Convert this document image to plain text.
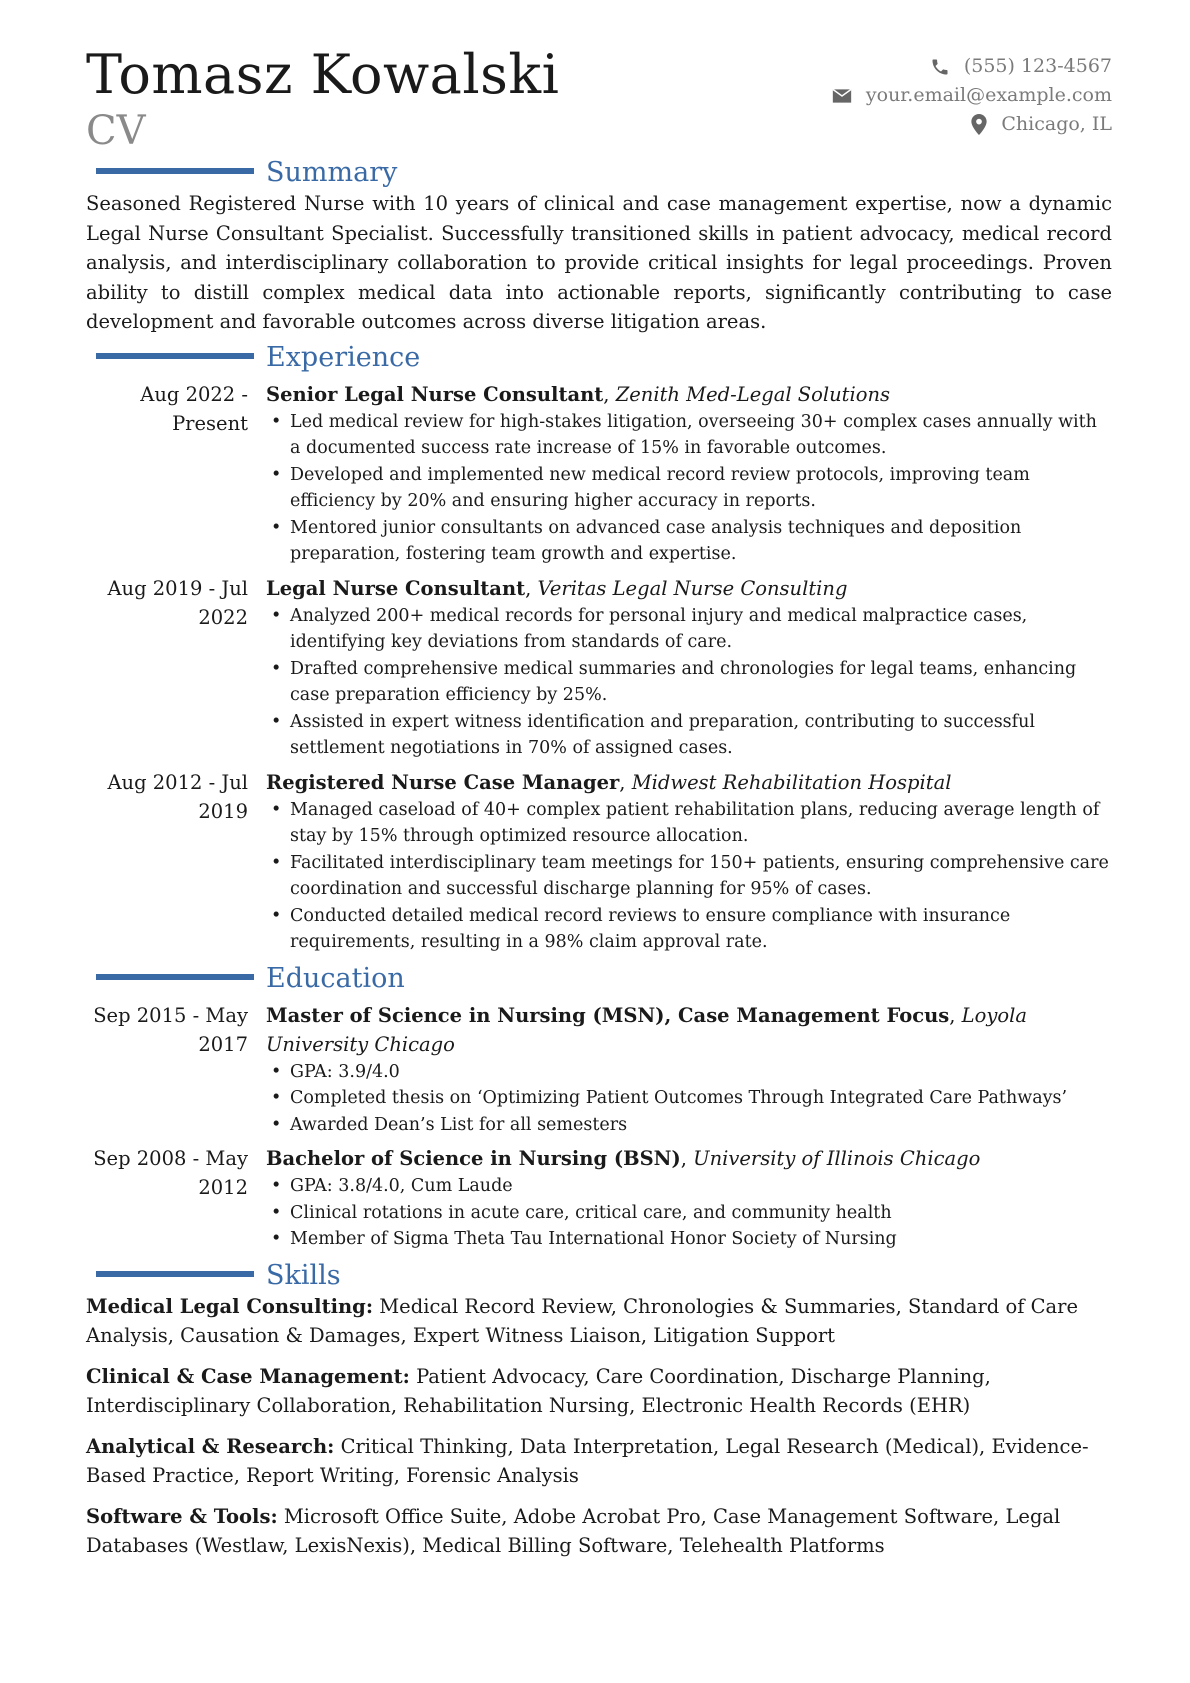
Tomasz Kowalski
CV
(555) 123-4567
your.email@example.com
Chicago, IL
Summary

Seasoned Registered Nurse with 10 years of clinical and case management expertise, now a dynamic Legal Nurse Consultant Specialist. Successfully transitioned skills in patient advocacy, medical record analysis, and interdisciplinary collaboration to provide critical insights for legal proceedings. Proven ability to distill complex medical data into actionable reports, significantly contributing to case development and favorable outcomes across diverse litigation areas.

Experience
Aug 2022 - Present
Senior Legal Nurse Consultant, Zenith Med-Legal Solutions
• Led medical review for high-stakes litigation, overseeing 30+ complex cases annually with a documented success rate increase of 15% in favorable outcomes.
• Developed and implemented new medical record review protocols, improving team efficiency by 20% and ensuring higher accuracy in reports.
• Mentored junior consultants on advanced case analysis techniques and deposition preparation, fostering team growth and expertise.
Aug 2019 - Jul 2022
Legal Nurse Consultant, Veritas Legal Nurse Consulting
• Analyzed 200+ medical records for personal injury and medical malpractice cases, identifying key deviations from standards of care.
• Drafted comprehensive medical summaries and chronologies for legal teams, enhancing case preparation efficiency by 25%.
• Assisted in expert witness identification and preparation, contributing to successful settlement negotiations in 70% of assigned cases.
Aug 2012 - Jul 2019
Registered Nurse Case Manager, Midwest Rehabilitation Hospital
• Managed caseload of 40+ complex patient rehabilitation plans, reducing average length of stay by 15% through optimized resource allocation.
• Facilitated interdisciplinary team meetings for 150+ patients, ensuring comprehensive care coordination and successful discharge planning for 95% of cases.
• Conducted detailed medical record reviews to ensure compliance with insurance requirements, resulting in a 98% claim approval rate.
Education
Sep 2015 - May 2017
Master of Science in Nursing (MSN), Case Management Focus, Loyola University Chicago
• GPA: 3.9/4.0
• Completed thesis on ‘Optimizing Patient Outcomes Through Integrated Care Pathways’
• Awarded Dean’s List for all semesters
Sep 2008 - May 2012
Bachelor of Science in Nursing (BSN), University of Illinois Chicago
• GPA: 3.8/4.0, Cum Laude
• Clinical rotations in acute care, critical care, and community health
• Member of Sigma Theta Tau International Honor Society of Nursing
Skills

Medical Legal Consulting: Medical Record Review, Chronologies & Summaries, Standard of Care Analysis, Causation & Damages, Expert Witness Liaison, Litigation Support

Clinical & Case Management: Patient Advocacy, Care Coordination, Discharge Planning, Interdisciplinary Collaboration, Rehabilitation Nursing, Electronic Health Records (EHR)

Analytical & Research: Critical Thinking, Data Interpretation, Legal Research (Medical), Evidence-Based Practice, Report Writing, Forensic Analysis

Software & Tools: Microsoft Office Suite, Adobe Acrobat Pro, Case Management Software, Legal Databases (Westlaw, LexisNexis), Medical Billing Software, Telehealth Platforms
